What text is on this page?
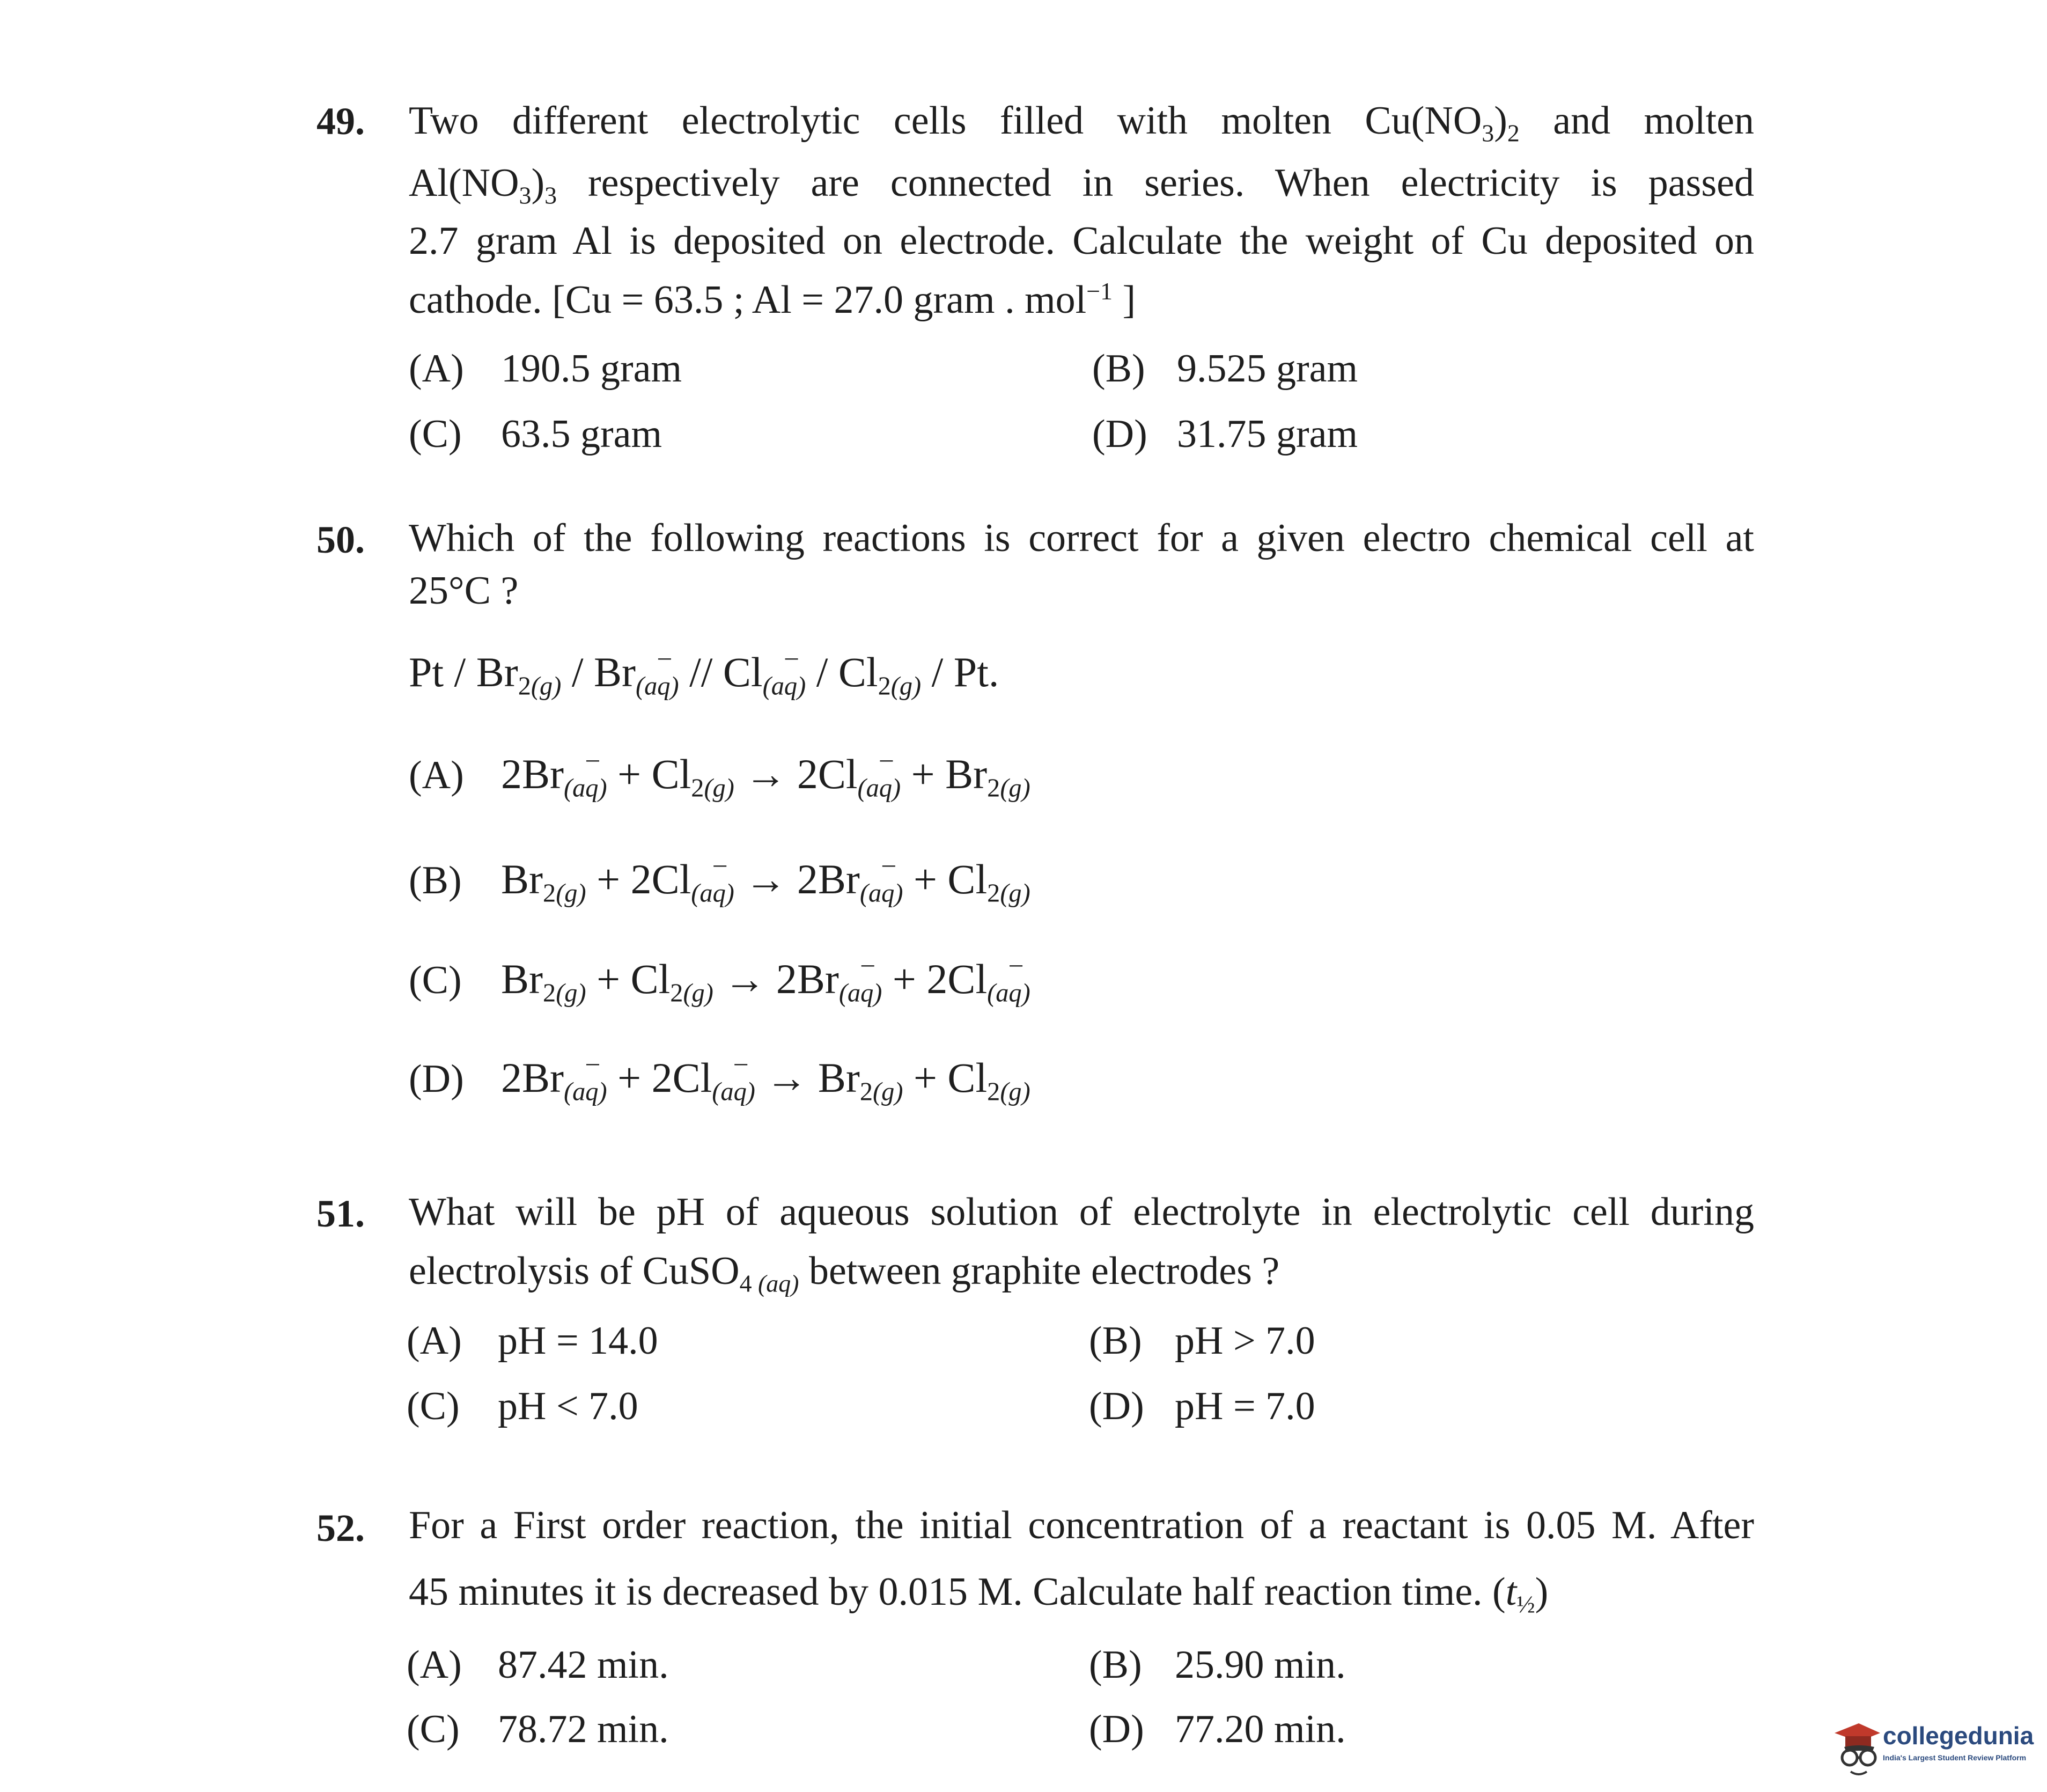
49. Two different electrolytic cells filled with molten $Cu(NO_3)_2$ and molten
$Al(NO_3)_3$ respectively are connected in series. When electricity is passed
2.7 gram Al is deposited on electrode. Calculate the weight of Cu deposited on
cathode. [Cu = 63.5 ; Al = 27.0 gram . mol$^{-1}$ ]
(A) 190.5 gram	(B) 9.525 gram
(C) 63.5 gram	(D) 31.75 gram
50. Which of the following reactions is correct for a given electro chemical cell at
25°C ?
Pt / $Br_{2(g)}$ / Br –
$_{(aq)}$ // Cl –
$_{(aq)} / Cl_{2(g)}$ / Pt.
(A) 2Br –
$_{(aq)} + Cl_{2(g)} \to 2Cl$ –
$_{(aq)} + Br_{2(g)}$
(B) $Br_{2(g)} + 2Cl$ –
$_{(aq)}$ → 2Br –
$_{(aq)} + Cl_{2(g)}$
(C) $Br_{2(g)} + Cl_{2(g)} \to 2Br$ –
$_{(aq)}$ + 2Cl –
$_{(aq)}$
(D) 2Br –
$_{(aq)}$ + 2Cl –
$_{(aq)} \to Br_{2(g)} + Cl_{2(g)}$
51. What will be pH of aqueous solution of electrolyte in electrolytic cell during
electrolysis of CuSO$_{4 (aq)}$ between graphite electrodes ?
(A) pH = 14.0	(B) pH > 7.0
(C) pH < 7.0	(D) pH = 7.0
52. For a First order reaction, the initial concentration of a reactant is 0.05 M. After
45 minutes it is decreased by 0.015 M. Calculate half reaction time. $(t_{\frac{1}{2}})$
(A) 87.42 min.	(B) 25.90 min.
(C) 78.72 min.	(D) 77.20 min.	collegedunia
India's Largest Student Review Platform
